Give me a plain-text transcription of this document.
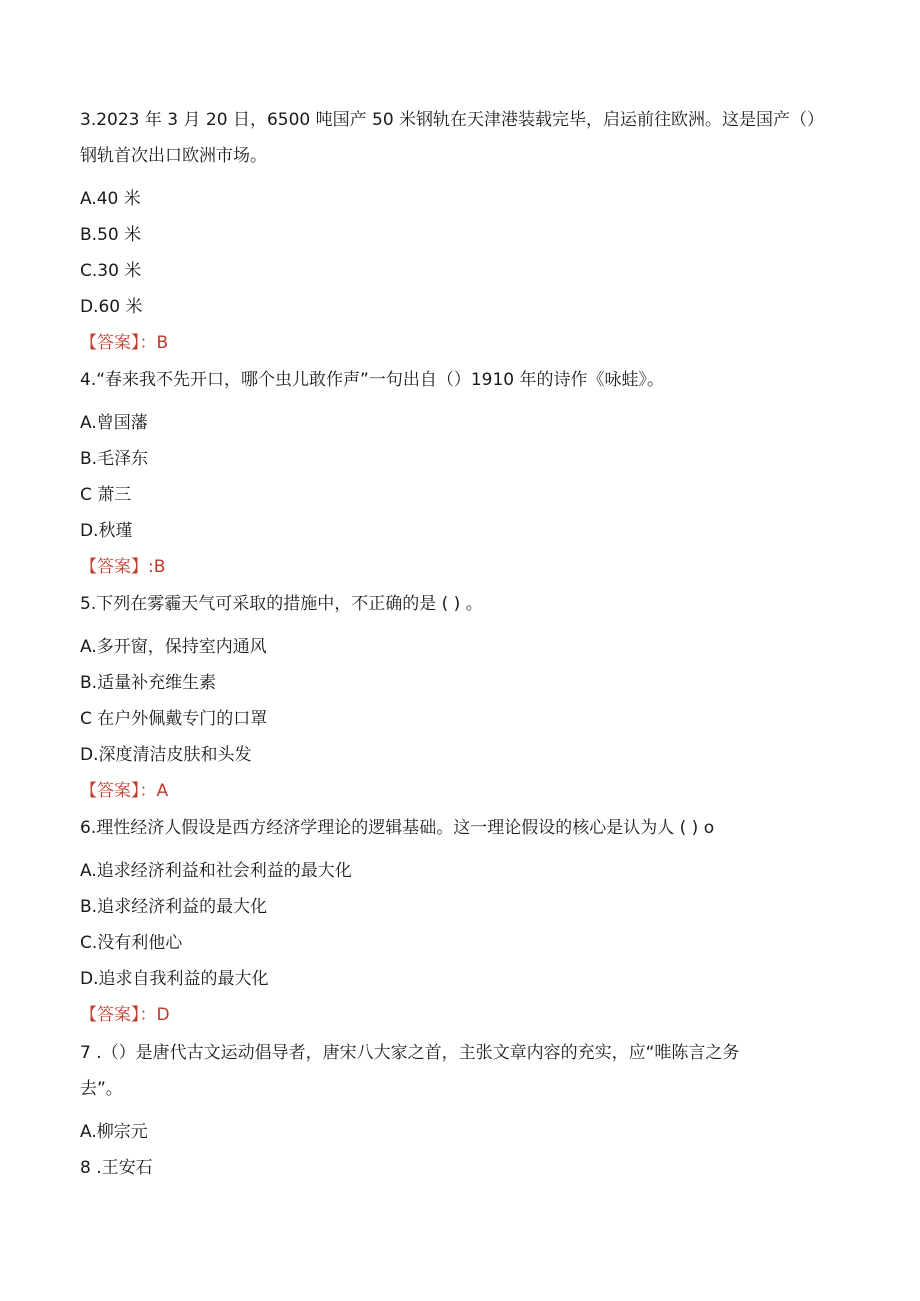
3.2023 年 3 月 20 日，6500 吨国产 50 米钢轨在天津港装载完毕，启运前往欧洲。这是国产（）
钢轨首次出口欧洲市场。
A.40 米
B.50 米
C.30 米
D.60 米
【答案】：B
4.“春来我不先开口，哪个虫儿敢作声”一句出自（）1910 年的诗作《咏蛙》。
A.曾国藩
B.毛泽东
C 萧三
D.秋瑾
【答案】:B
5.下列在雾霾天气可采取的措施中，不正确的是 ( ) 。
A.多开窗，保持室内通风
B.适量补充维生素
C 在户外佩戴专门的口罩
D.深度清洁皮肤和头发
【答案】：A
6.理性经济人假设是西方经济学理论的逻辑基础。这一理论假设的核心是认为人 ( ) o
A.追求经济利益和社会利益的最大化
B.追求经济利益的最大化
C.没有利他心
D.追求自我利益的最大化
【答案】：D
7 .（）是唐代古文运动倡导者，唐宋八大家之首，主张文章内容的充实，应“唯陈言之务
去”。
A.柳宗元
8 .王安石
